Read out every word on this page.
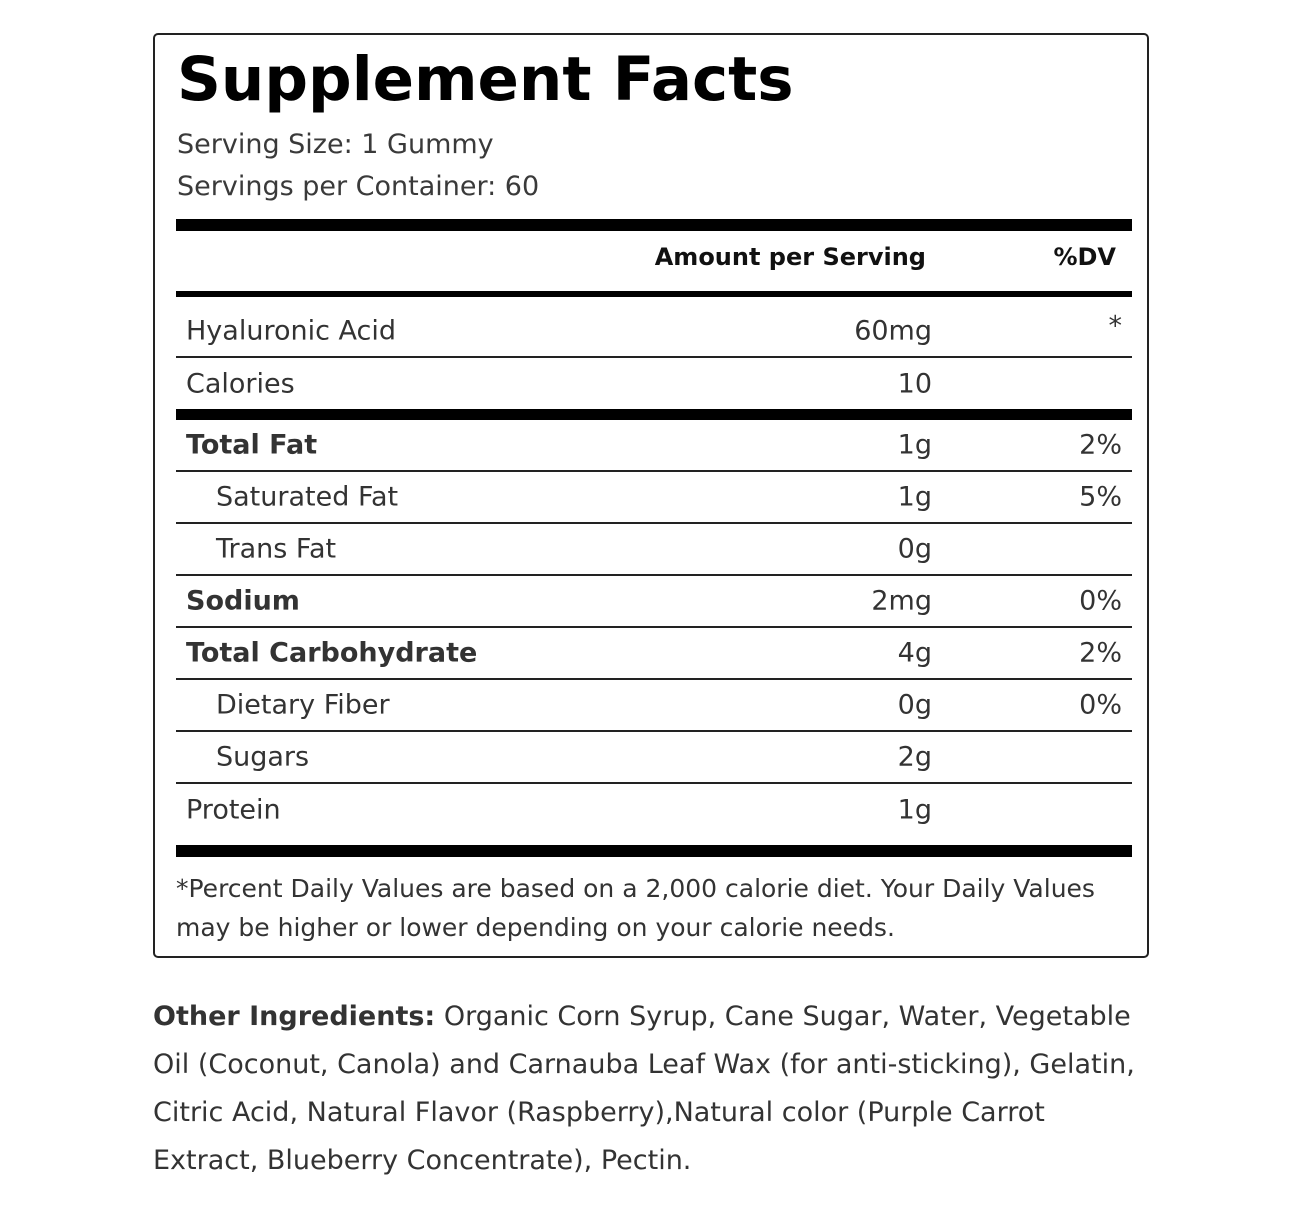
Supplement Facts
Serving Size: 1 Gummy
Servings per Container: 60
Amount per Serving	%DV
Hyaluronic Acid	60mg	*
Calories	10
Total Fat	1g	2%
Saturated Fat	1g	5%
Trans Fat	0g
Sodium	2mg	0%
Total Carbohydrate	4g	2%
Dietary Fiber	0g	0%
Sugars	2g
Protein	1g
*Percent Daily Values are based on a 2,000 calorie diet. Your Daily Values may be higher or lower depending on your calorie needs.
Other Ingredients: Organic Corn Syrup, Cane Sugar, Water, Vegetable Oil (Coconut, Canola) and Carnauba Leaf Wax (for anti-sticking), Gelatin, Citric Acid, Natural Flavor (Raspberry),Natural color (Purple Carrot Extract, Blueberry Concentrate), Pectin.
